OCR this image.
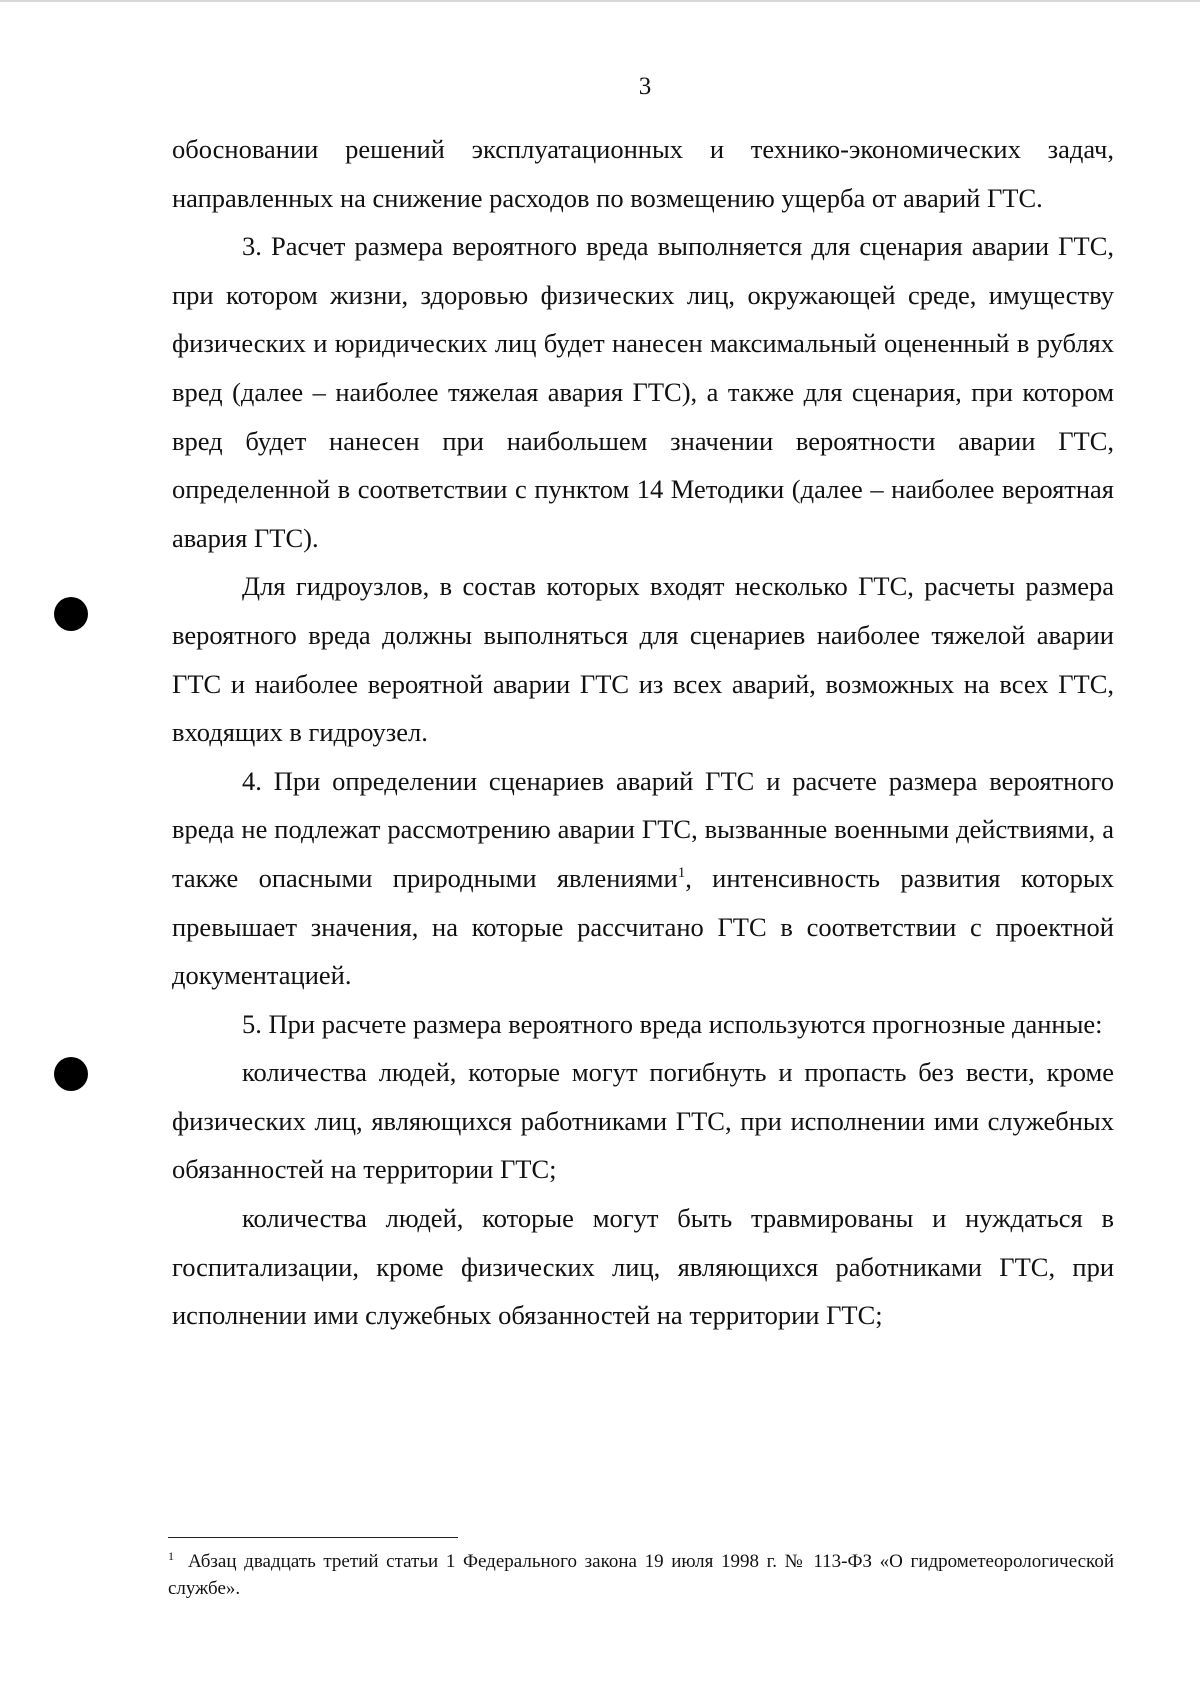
3

обосновании решений эксплуатационных и технико-экономических задач, направленных на снижение расходов по возмещению ущерба от аварий ГТС.

3. Расчет размера вероятного вреда выполняется для сценария аварии ГТС, при котором жизни, здоровью физических лиц, окружающей среде, имуществу физических и юридических лиц будет нанесен максимальный оцененный в рублях вред (далее – наиболее тяжелая авария ГТС), а также для сценария, при котором вред будет нанесен при наибольшем значении вероятности аварии ГТС, определенной в соответствии с пунктом 14 Методики (далее – наиболее вероятная авария ГТС).

Для гидроузлов, в состав которых входят несколько ГТС, расчеты размера вероятного вреда должны выполняться для сценариев наиболее тяжелой аварии ГТС и наиболее вероятной аварии ГТС из всех аварий, возможных на всех ГТС, входящих в гидроузел.

4. При определении сценариев аварий ГТС и расчете размера вероятного вреда не подлежат рассмотрению аварии ГТС, вызванные военными действиями, а также опасными природными явлениями$^1$, интенсивность развития которых превышает значения, на которые рассчитано ГТС в соответствии с проектной документацией.

5. При расчете размера вероятного вреда используются прогнозные данные:

количества людей, которые могут погибнуть и пропасть без вести, кроме физических лиц, являющихся работниками ГТС, при исполнении ими служебных обязанностей на территории ГТС;

количества людей, которые могут быть травмированы и нуждаться в госпитализации, кроме физических лиц, являющихся работниками ГТС, при исполнении ими служебных обязанностей на территории ГТС;

$^1$ Абзац двадцать третий статьи 1 Федерального закона 19 июля 1998 г. № 113-ФЗ «О гидрометеорологической службе».
